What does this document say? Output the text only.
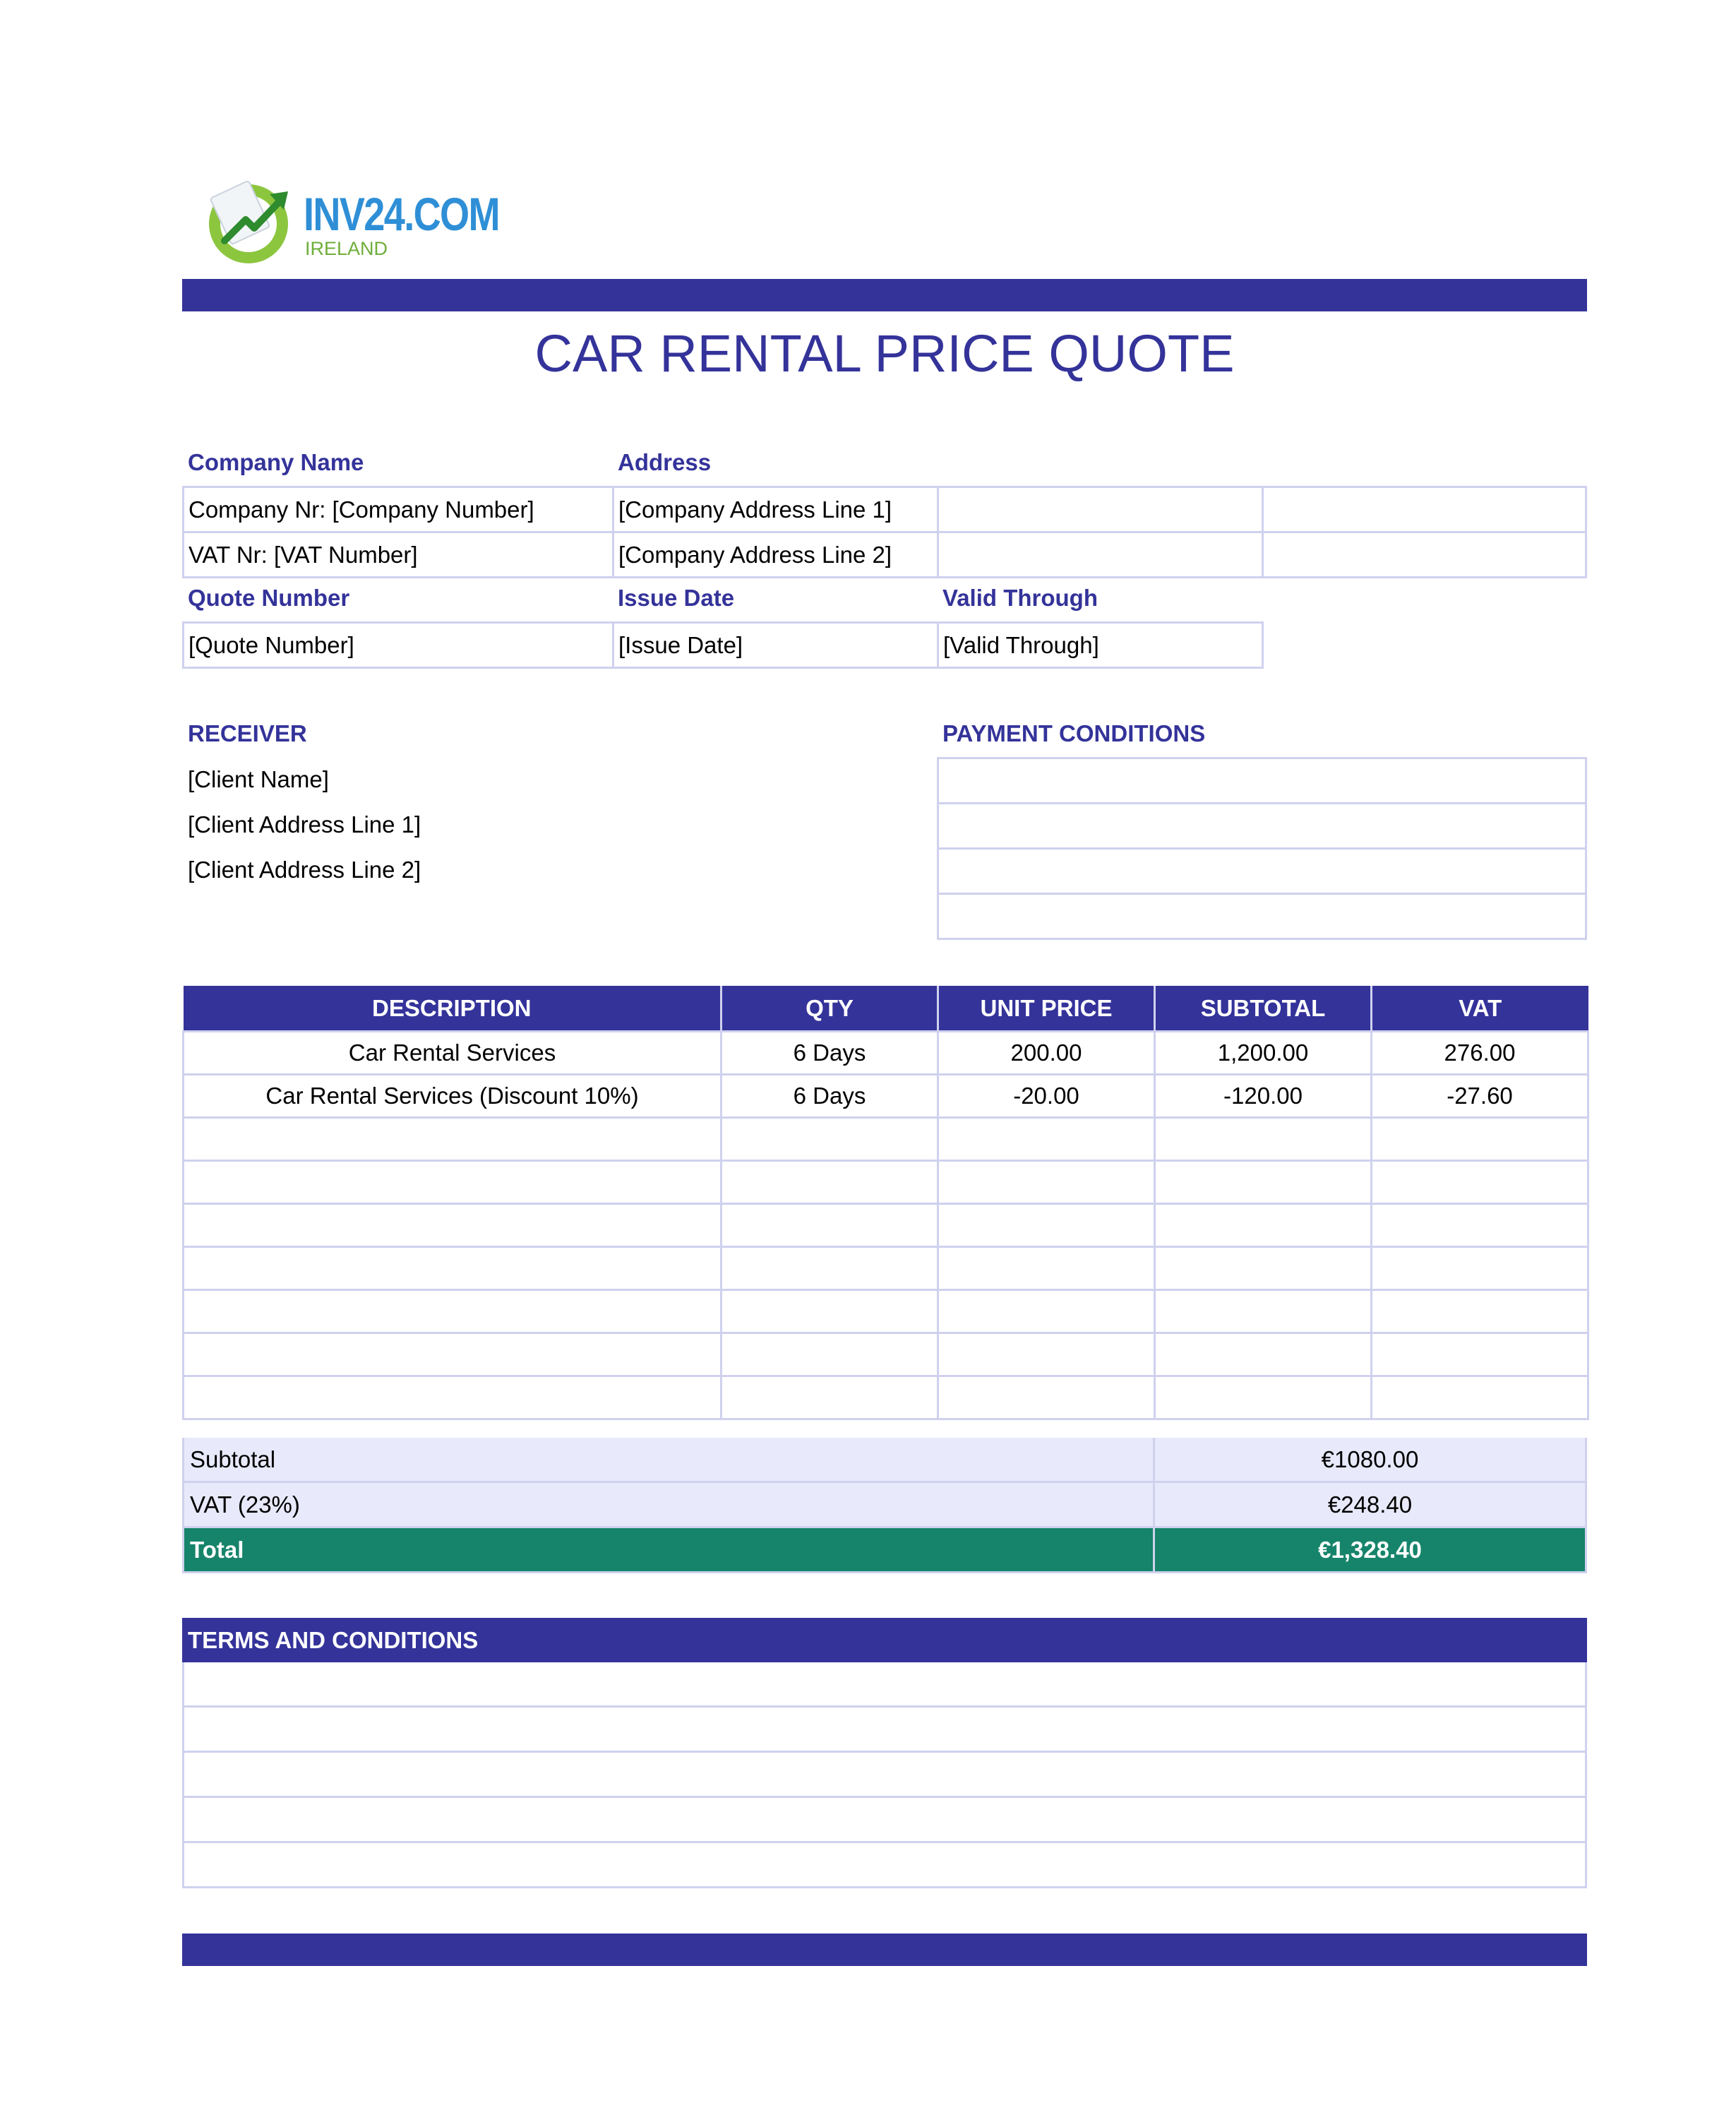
INV24.COM
IRELAND
CAR RENTAL PRICE QUOTE
Company Name	Address
Company Nr: [Company Number]	[Company Address Line 1]
VAT Nr: [VAT Number]	[Company Address Line 2]
Quote Number	Issue Date	Valid Through
[Quote Number]	[Issue Date]	[Valid Through]
RECEIVER
[Client Name]
[Client Address Line 1]
[Client Address Line 2]
PAYMENT CONDITIONS
DESCRIPTION	QTY	UNIT PRICE	SUBTOTAL	VAT
Car Rental Services	6 Days	200.00	1,200.00	276.00
Car Rental Services (Discount 10%)	6 Days	-20.00	-120.00	-27.60

Subtotal	€1080.00
VAT (23%)	€248.40
Total	€1,328.40
TERMS AND CONDITIONS
